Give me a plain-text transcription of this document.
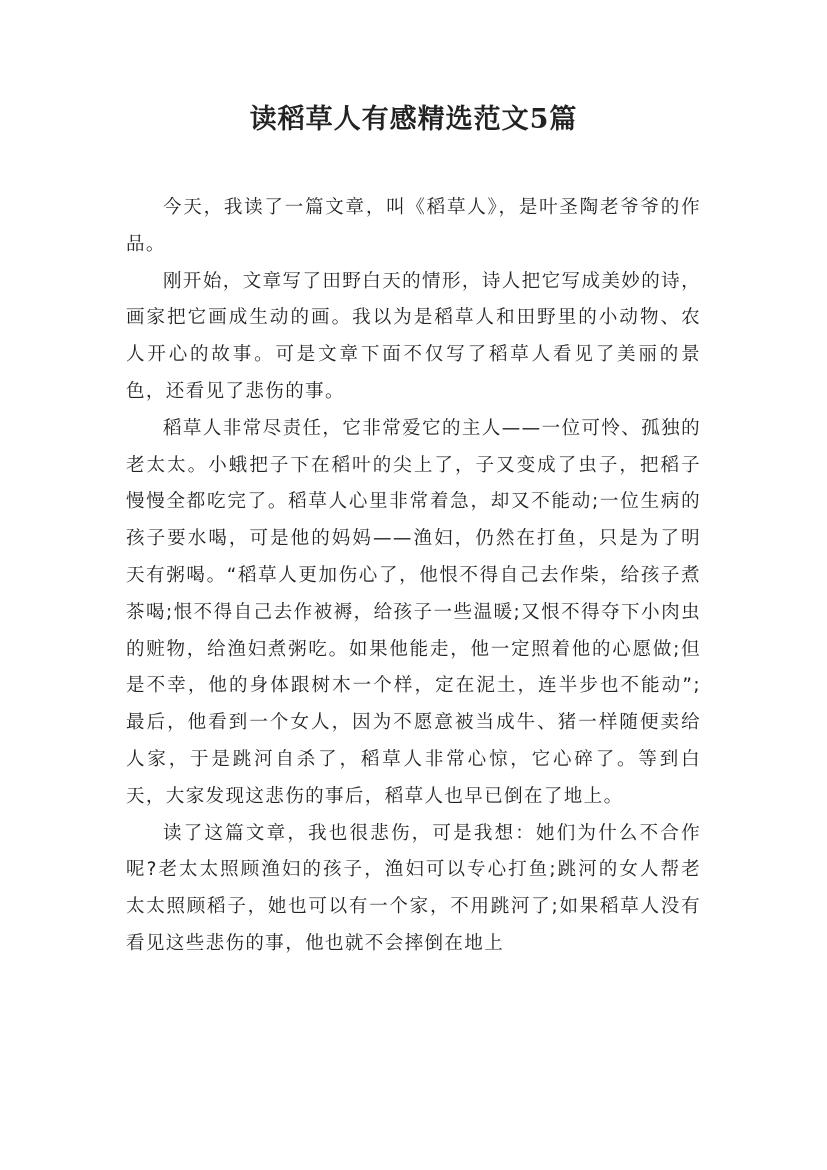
读稻草人有感精选范文5篇

今天，我读了一篇文章，叫《稻草人》，是叶圣陶老爷爷的作品。

刚开始，文章写了田野白天的情形，诗人把它写成美妙的诗，画家把它画成生动的画。我以为是稻草人和田野里的小动物、农人开心的故事。可是文章下面不仅写了稻草人看见了美丽的景色，还看见了悲伤的事。

稻草人非常尽责任，它非常爱它的主人——一位可怜、孤独的老太太。小蛾把子下在稻叶的尖上了，子又变成了虫子，把稻子慢慢全都吃完了。稻草人心里非常着急，却又不能动;一位生病的孩子要水喝，可是他的妈妈——渔妇，仍然在打鱼，只是为了明天有粥喝。“稻草人更加伤心了，他恨不得自己去作柴，给孩子煮茶喝;恨不得自己去作被褥，给孩子一些温暖;又恨不得夺下小肉虫的赃物，给渔妇煮粥吃。如果他能走，他一定照着他的心愿做;但是不幸，他的身体跟树木一个样，定在泥土，连半步也不能动”;最后，他看到一个女人，因为不愿意被当成牛、猪一样随便卖给人家，于是跳河自杀了，稻草人非常心惊，它心碎了。等到白天，大家发现这悲伤的事后，稻草人也早已倒在了地上。

读了这篇文章，我也很悲伤，可是我想：她们为什么不合作呢?老太太照顾渔妇的孩子，渔妇可以专心打鱼;跳河的女人帮老太太照顾稻子，她也可以有一个家，不用跳河了;如果稻草人没有看见这些悲伤的事，他也就不会摔倒在地上
